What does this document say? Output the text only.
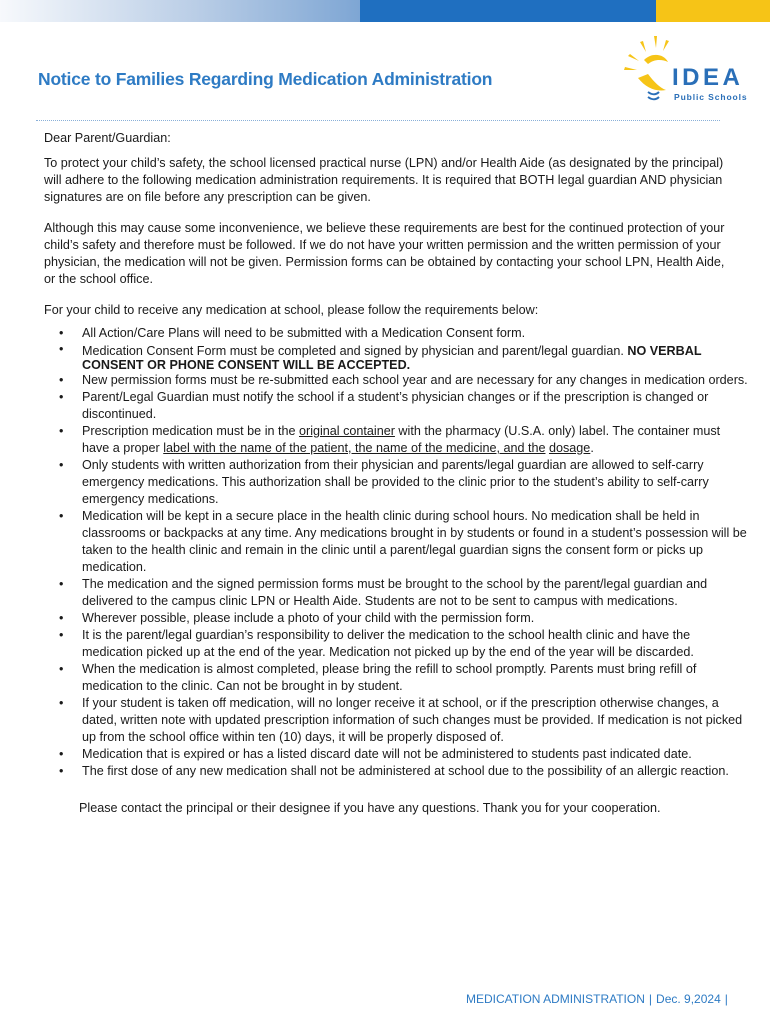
Notice to Families Regarding Medication Administration	IDEA
Public Schools

Dear Parent/Guardian:

To protect your child’s safety, the school licensed practical nurse (LPN) and/or Health Aide (as designated by the principal) will adhere to the following medication administration requirements. It is required that BOTH legal guardian AND physician signatures are on file before any prescription can be given.

Although this may cause some inconvenience, we believe these requirements are best for the continued protection of your child’s safety and therefore must be followed. If we do not have your written permission and the written permission of your physician, the medication will not be given. Permission forms can be obtained by contacting your school LPN, Health Aide, or the school office.

For your child to receive any medication at school, please follow the requirements below:

• All Action/Care Plans will need to be submitted with a Medication Consent form.
• Medication Consent Form must be completed and signed by physician and parent/legal guardian. NO VERBAL CONSENT OR PHONE CONSENT WILL BE ACCEPTED.
• New permission forms must be re-submitted each school year and are necessary for any changes in medication orders.
• Parent/Legal Guardian must notify the school if a student’s physician changes or if the prescription is changed or discontinued.
• Prescription medication must be in the original container with the pharmacy (U.S.A. only) label. The container must have a proper label with the name of the patient, the name of the medicine, and the dosage.
• Only students with written authorization from their physician and parents/legal guardian are allowed to self-carry emergency medications. This authorization shall be provided to the clinic prior to the student’s ability to self-carry emergency medications.
• Medication will be kept in a secure place in the health clinic during school hours. No medication shall be held in classrooms or backpacks at any time. Any medications brought in by students or found in a student’s possession will be taken to the health clinic and remain in the clinic until a parent/legal guardian signs the consent form or picks up medication.
• The medication and the signed permission forms must be brought to the school by the parent/legal guardian and delivered to the campus clinic LPN or Health Aide. Students are not to be sent to campus with medications.
• Wherever possible, please include a photo of your child with the permission form.
• It is the parent/legal guardian’s responsibility to deliver the medication to the school health clinic and have the medication picked up at the end of the year. Medication not picked up by the end of the year will be discarded.
• When the medication is almost completed, please bring the refill to school promptly. Parents must bring refill of medication to the clinic. Can not be brought in by student.
• If your student is taken off medication, will no longer receive it at school, or if the prescription otherwise changes, a dated, written note with updated prescription information of such changes must be provided. If medication is not picked up from the school office within ten (10) days, it will be properly disposed of.
• Medication that is expired or has a listed discard date will not be administered to students past indicated date.
• The first dose of any new medication shall not be administered at school due to the possibility of an allergic reaction.

Please contact the principal or their designee if you have any questions. Thank you for your cooperation.

MEDICATION ADMINISTRATION | Dec. 9,2024 |
